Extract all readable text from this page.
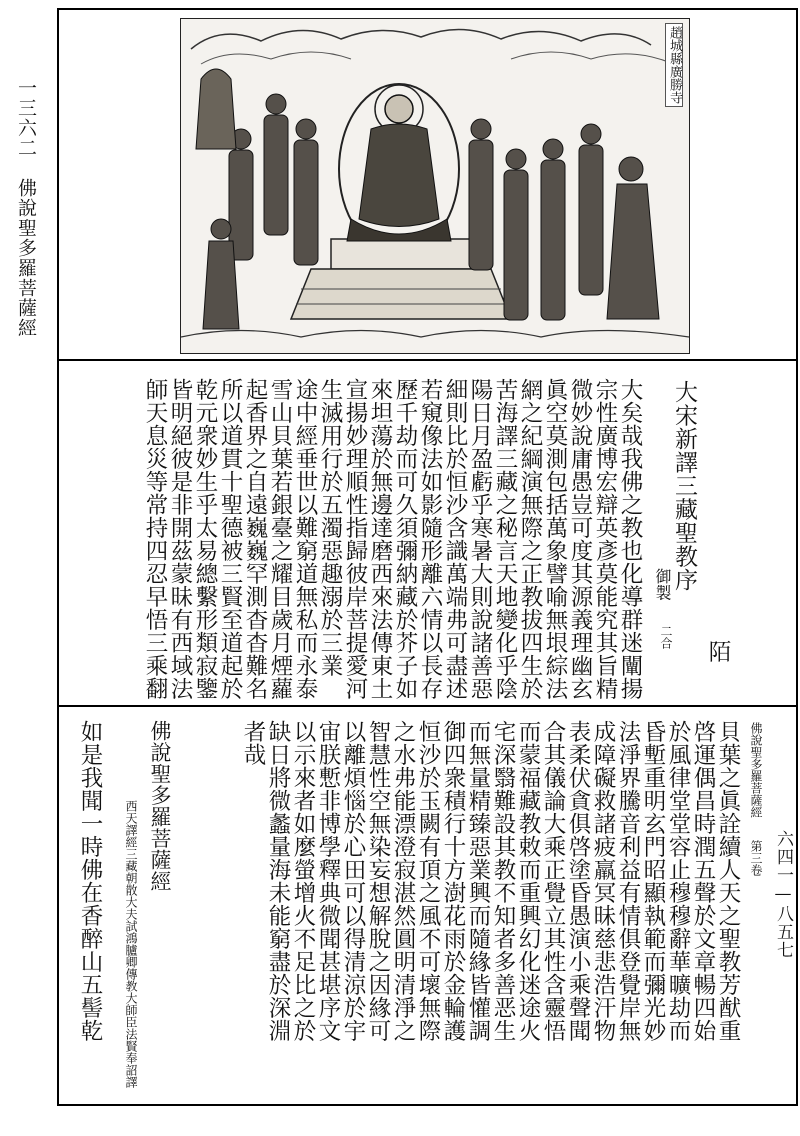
一三六二
佛說聖多羅菩薩經
六四一—八五七
趙城縣廣勝寺
大宋新譯三藏聖教序
御製
二合
陌
大矣哉我佛之教也化導群迷闡揚
宗性廣博宏辯英彥莫能究其旨精
微妙說庸愚豈可度其源義理幽玄
眞空莫測包括萬象譬喻無垠綜法
網之紀綱演無際之正教拔四生於
苦海譯三藏之秘言天地變化乎陰
陽日月盈虧乎寒暑大則說諸善惡
細則比於恒沙含識萬端弗可盡述
若窺像法如影隨形離六情以長存
歷千劫而可久須彌納藏於芥子如
來坦蕩於無邊達磨西來法傳東土
宣揚妙理順性指歸彼岸菩提愛河
生滅用行於五濁惡趣溺於三業
途中經垂世以難窮道無私而永泰
雪山貝葉若銀臺之耀目歲月煙蘿
起香界之自遠巍巍罕測杳杳難名
所以道貫十聖德被三賢至道起於
乾元衆妙生乎太易總繫形類寂鑒
皆明絕彼是非開茲蒙昧有西域法
師天息災等常持四忍早悟三乘翻
佛說聖多羅菩薩經
第三卷
貝葉之眞詮續人天之聖教芳猷重
啓運偶昌時潤五聲於文章暢四始
於風律堂堂容止穆穆辭華曠劫而
昏塹重明玄門昭顯執範而彌光妙
法淨界騰音利益有情俱登覺岸無
成障礙救諸疲羸冥昧慈悲浩汗物
表柔伏貪俱啓塗昏愚演小乘聲聞
合其儀論大乘正覺立其性含靈悟
而蒙福藏教敕而重興幻化迷途火
宅深翳難設其教不知者多善恶生
而無量精臻惡業興而隨緣皆懽調
御四衆積行十方澍花雨於金輪護
恒沙於玉闕有頂之風不可壞無際
之水弗能漂澄寂湛然圓明清淨之
智慧性空無染妄想解脫之因緣可
以離煩惱於心田可以得清涼於宇
宙朕慙非博學釋典微聞甚堪序文
以示來者如麼螢增火不足比之於
缺日將微蠡量海未能窮盡於深淵
者哉
佛說聖多羅菩薩經
西天譯經三藏朝散大夫試鴻臚卿傳教大師臣法賢奉詔譯
如是我聞一時佛在香醉山五髻乾
